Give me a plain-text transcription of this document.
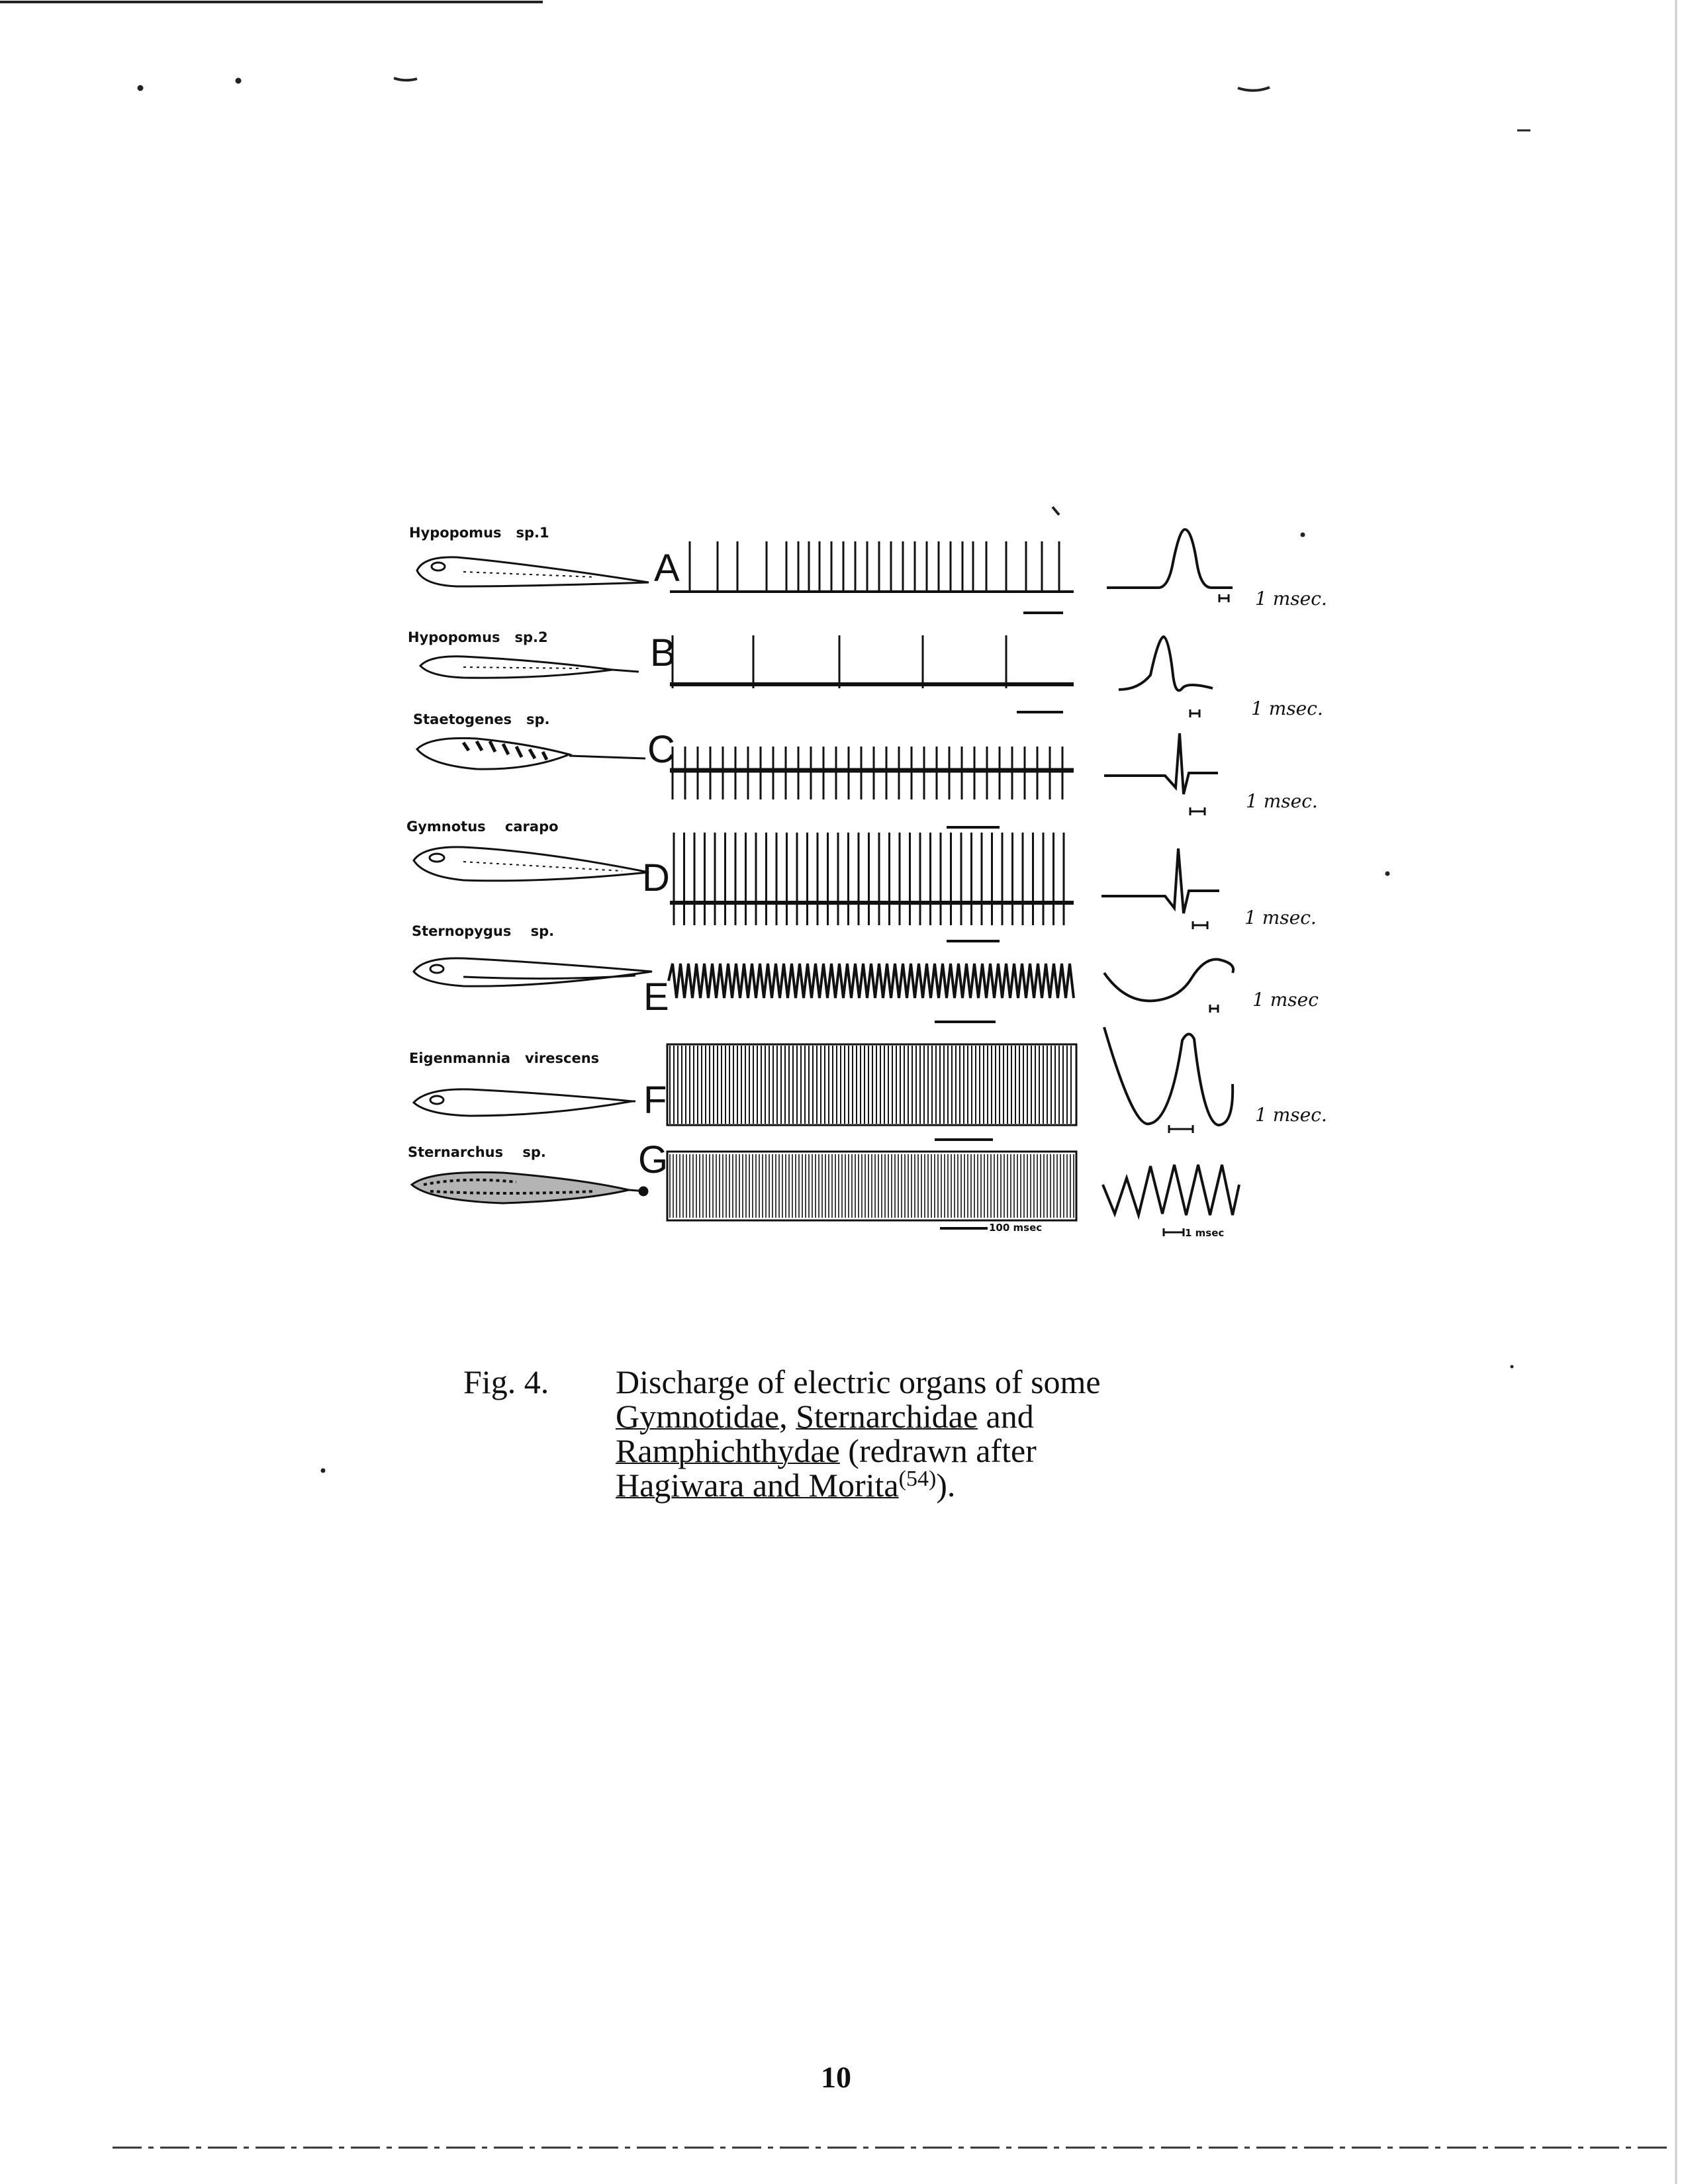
Hypopomus   sp.1
Hypopomus   sp.2
Staetogenes   sp.
Gymnotus    carapo
Sternopygus    sp.
Eigenmannia   virescens
Sternarchus    sp.
A
B
C
D
E
F
G
1 msec.
1 msec.
1 msec.
1 msec.
1 msec
1 msec.
1 msec
100 msec
Fig. 4. Discharge of electric organs of some
Gymnotidae, Sternarchidae and
Ramphichthydae (redrawn after
Hagiwara and Morita$^{(54)}$).
10
